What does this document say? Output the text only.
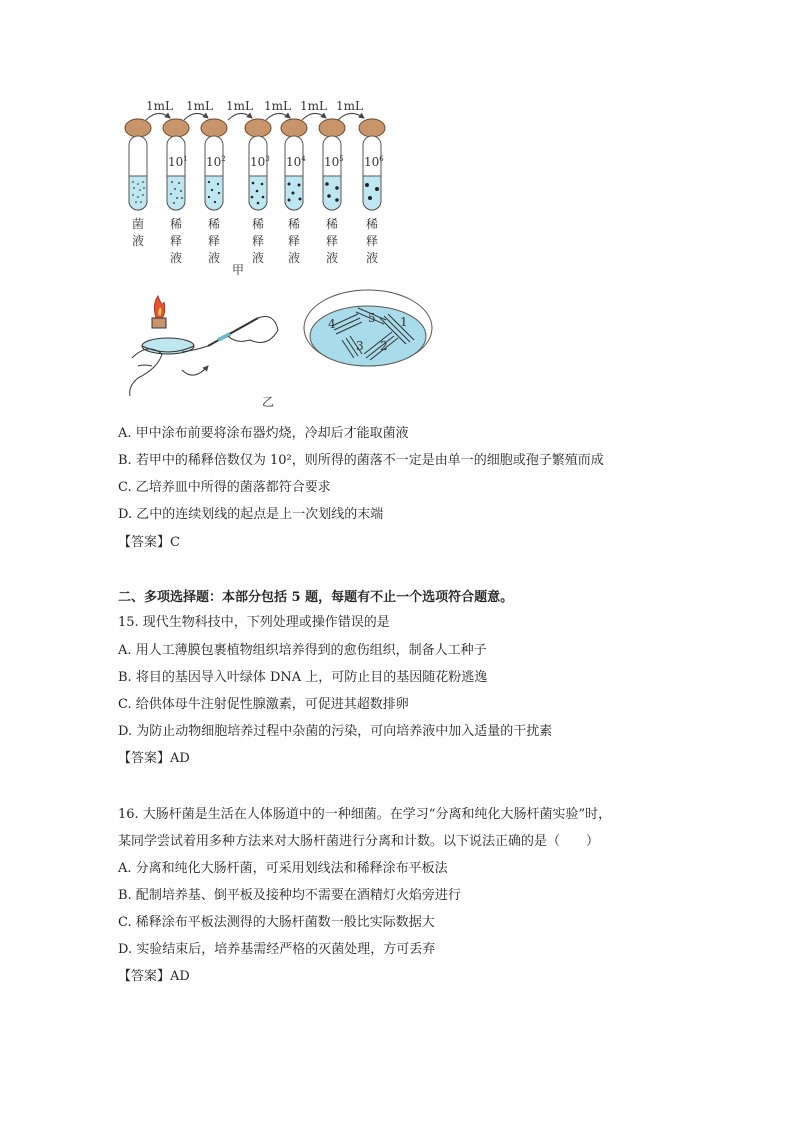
1mL 1mL 1mL 1mL 1mL 1mL
$10^1$ $10^2$ $10^3$ $10^4$ $10^5$ $10^6$
菌
液
稀
释
液
稀
释
液
稀
释
液
稀
释
液
稀
释
液
稀
释
液
甲
1
2
3
4	5
乙
A. 甲中涂布前要将涂布器灼烧，冷却后才能取菌液
B. 若甲中的稀释倍数仅为 10²，则所得的菌落不一定是由单一的细胞或孢子繁殖而成
C. 乙培养皿中所得的菌落都符合要求
D. 乙中的连续划线的起点是上一次划线的末端
【答案】C
二、多项选择题：本部分包括 5 题，每题有不止一个选项符合题意。
15. 现代生物科技中，下列处理或操作错误的是
A. 用人工薄膜包裹植物组织培养得到的愈伤组织，制备人工种子
B. 将目的基因导入叶绿体 DNA 上，可防止目的基因随花粉逃逸
C. 给供体母牛注射促性腺激素，可促进其超数排卵
D. 为防止动物细胞培养过程中杂菌的污染，可向培养液中加入适量的干扰素
【答案】AD
16. 大肠杆菌是生活在人体肠道中的一种细菌。在学习“分离和纯化大肠杆菌实验”时，
某同学尝试着用多种方法来对大肠杆菌进行分离和计数。以下说法正确的是（　　）
A. 分离和纯化大肠杆菌，可采用划线法和稀释涂布平板法
B. 配制培养基、倒平板及接种均不需要在酒精灯火焰旁进行
C. 稀释涂布平板法测得的大肠杆菌数一般比实际数据大
D. 实验结束后，培养基需经严格的灭菌处理，方可丢弃
【答案】AD
